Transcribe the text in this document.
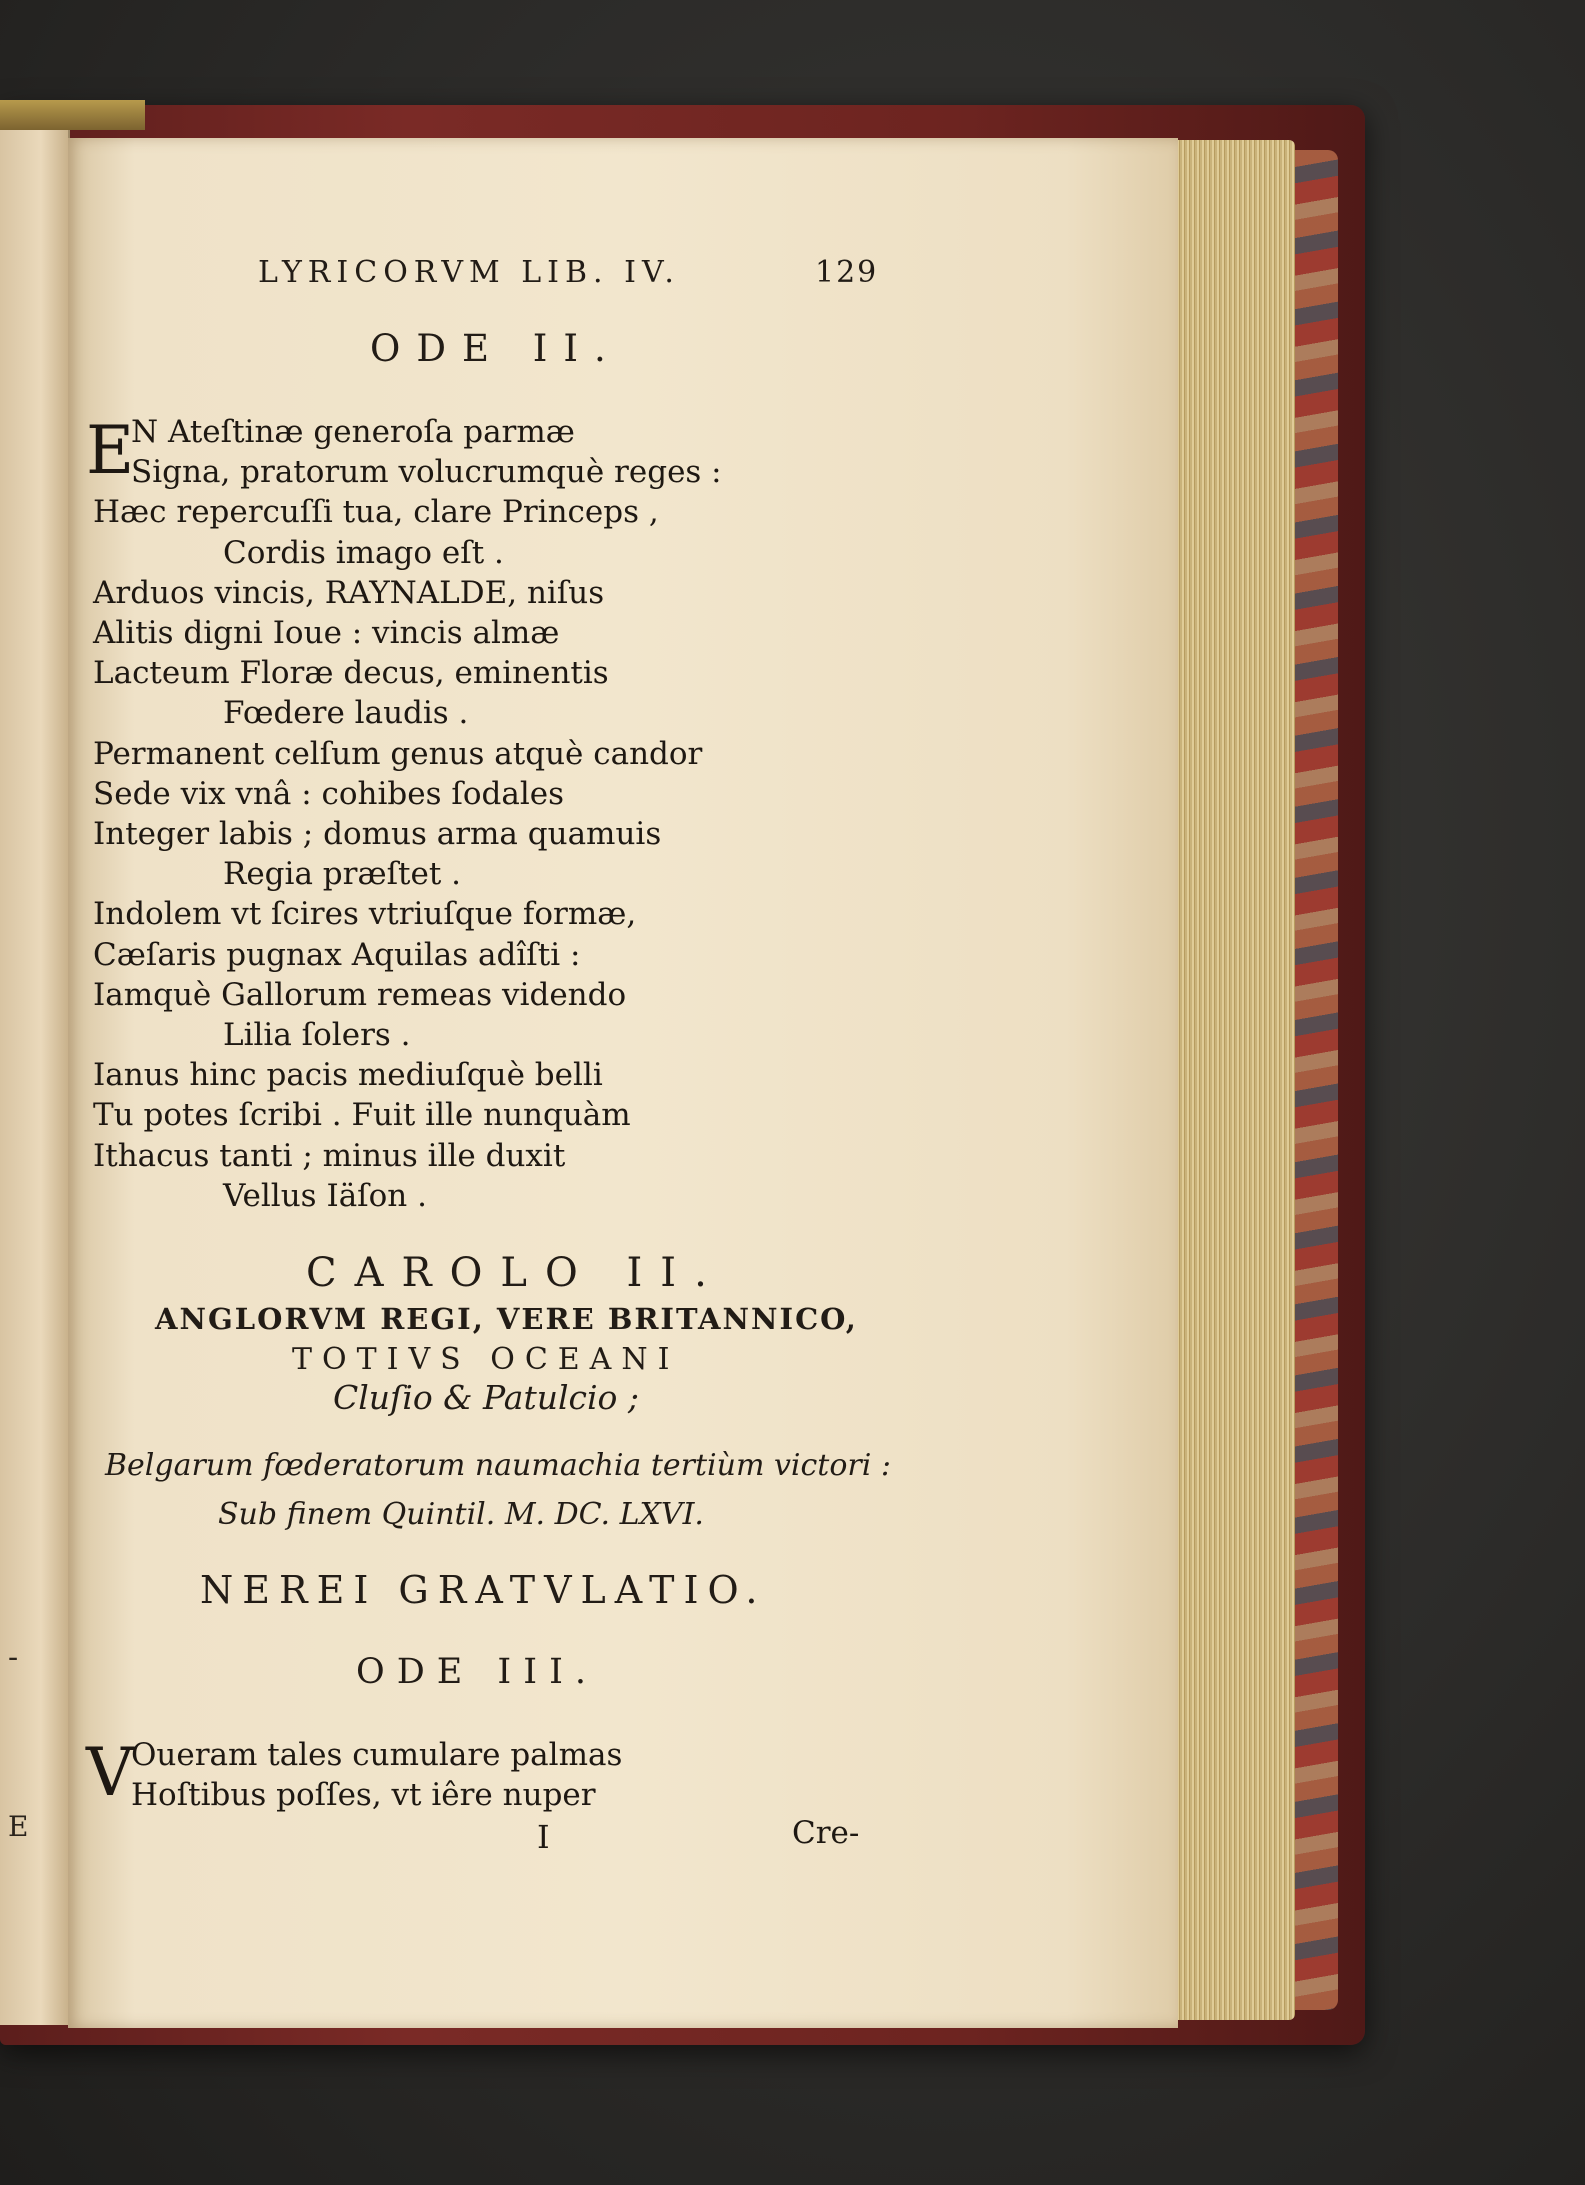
-
E
LYRICORVM LIB. IV.	129
ODE II.
E
N Ateſtinæ generoſa parmæ
Signa, pratorum volucrumquè reges :
Hæc repercuſſi tua, clare Princeps ,
Cordis imago eſt .
Arduos vincis, RAYNALDE, niſus
Alitis digni Ioue : vincis almæ
Lacteum Floræ decus, eminentis
Fœdere laudis .
Permanent celſum genus atquè candor
Sede vix vnâ : cohibes ſodales
Integer labis ; domus arma quamuis
Regia præſtet .
Indolem vt ſcires vtriuſque formæ,
Cæſaris pugnax Aquilas adîſti :
Iamquè Gallorum remeas videndo
Lilia ſolers .
Ianus hinc pacis mediuſquè belli
Tu potes ſcribi . Fuit ille nunquàm
Ithacus tanti ; minus ille duxit
Vellus Iäſon .
CAROLO II.
ANGLORVM REGI, VERE BRITANNICO,
TOTIVS OCEANI
Cluſio & Patulcio ;
Belgarum fœderatorum naumachia tertiùm victori :
Sub finem Quintil. M. DC. LXVI.
NEREI GRATVLATIO.
ODE III.
V
Oueram tales cumulare palmas
Hoſtibus poſſes, vt iêre nuper
I	Cre-
